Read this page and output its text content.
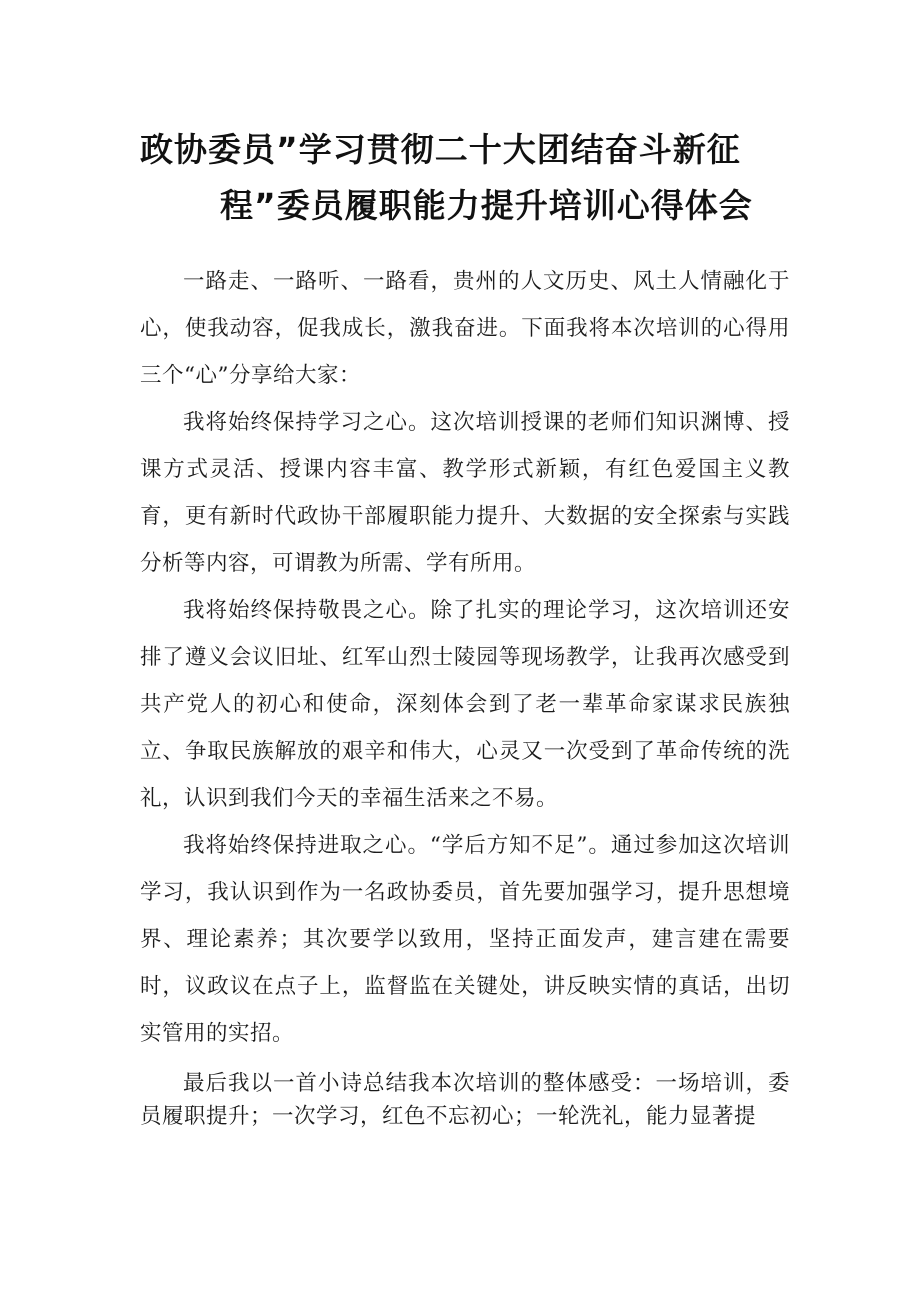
政协委员”学习贯彻二十大团结奋斗新征
程”委员履职能力提升培训心得体会

一路走、一路听、一路看，贵州的人文历史、风土人情融化于心，使我动容，促我成长，激我奋进。下面我将本次培训的心得用三个“心”分享给大家：

我将始终保持学习之心。这次培训授课的老师们知识渊博、授课方式灵活、授课内容丰富、教学形式新颖，有红色爱国主义教育，更有新时代政协干部履职能力提升、大数据的安全探索与实践分析等内容，可谓教为所需、学有所用。

我将始终保持敬畏之心。除了扎实的理论学习，这次培训还安排了遵义会议旧址、红军山烈士陵园等现场教学，让我再次感受到共产党人的初心和使命，深刻体会到了老一辈革命家谋求民族独立、争取民族解放的艰辛和伟大，心灵又一次受到了革命传统的洗礼，认识到我们今天的幸福生活来之不易。

我将始终保持进取之心。“学后方知不足”。通过参加这次培训学习，我认识到作为一名政协委员，首先要加强学习，提升思想境界、理论素养；其次要学以致用，坚持正面发声，建言建在需要时，议政议在点子上，监督监在关键处，讲反映实情的真话，出切实管用的实招。

最后我以一首小诗总结我本次培训的整体感受：一场培训，委员履职提升；一次学习，红色不忘初心；一轮洗礼，能力显著提
